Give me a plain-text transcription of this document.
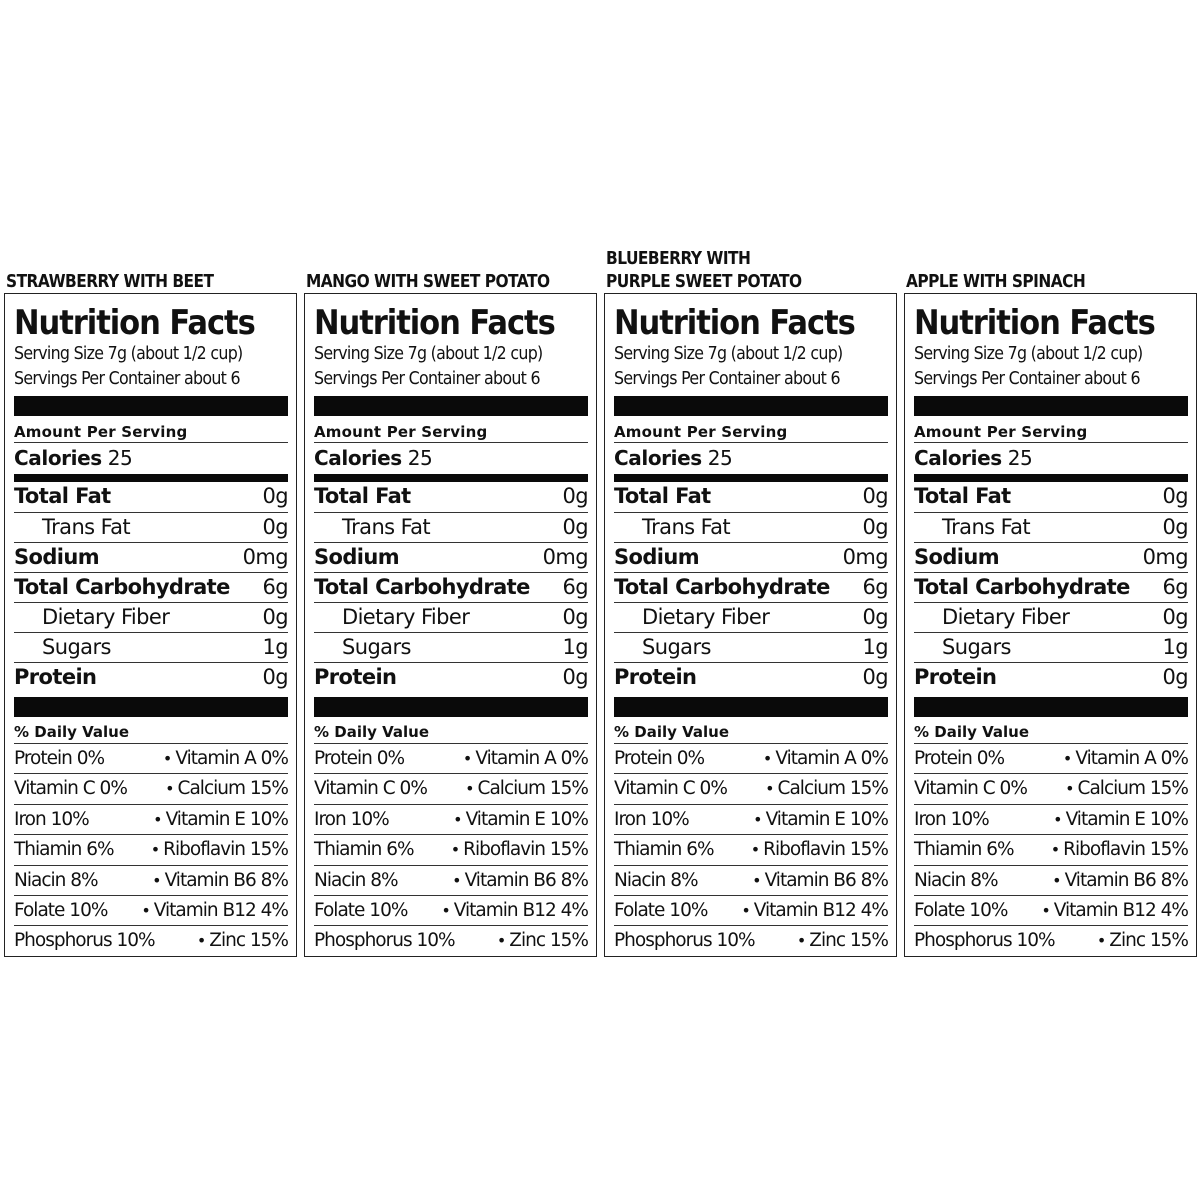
STRAWBERRY WITH BEET
Nutrition Facts
Serving Size 7g (about 1/2 cup)
Servings Per Container about 6
Amount Per Serving
Calories 25
Total Fat	0g
Trans Fat	0g
Sodium	0mg
Total Carbohydrate 6g
Dietary Fiber	0g
Sugars	1g
Protein	0g
% Daily Value
Protein 0%	• Vitamin A 0%
Vitamin C 0%	• Calcium 15%
Iron 10%	• Vitamin E 10%
Thiamin 6%	• Riboflavin 15%
Niacin 8%	• Vitamin B6 8%
Folate 10%	• Vitamin B12 4%
Phosphorus 10%	• Zinc 15%
MANGO WITH SWEET POTATO
Nutrition Facts
Serving Size 7g (about 1/2 cup)
Servings Per Container about 6
Amount Per Serving
Calories 25
Total Fat	0g
Trans Fat	0g
Sodium	0mg
Total Carbohydrate 6g
Dietary Fiber	0g
Sugars	1g
Protein	0g
% Daily Value
Protein 0%	• Vitamin A 0%
Vitamin C 0%	• Calcium 15%
Iron 10%	• Vitamin E 10%
Thiamin 6%	• Riboflavin 15%
Niacin 8%	• Vitamin B6 8%
Folate 10%	• Vitamin B12 4%
Phosphorus 10%	• Zinc 15%
BLUEBERRY WITH
PURPLE SWEET POTATO
Nutrition Facts
Serving Size 7g (about 1/2 cup)
Servings Per Container about 6
Amount Per Serving
Calories 25
Total Fat	0g
Trans Fat	0g
Sodium	0mg
Total Carbohydrate 6g
Dietary Fiber	0g
Sugars	1g
Protein	0g
% Daily Value
Protein 0%	• Vitamin A 0%
Vitamin C 0%	• Calcium 15%
Iron 10%	• Vitamin E 10%
Thiamin 6%	• Riboflavin 15%
Niacin 8%	• Vitamin B6 8%
Folate 10%	• Vitamin B12 4%
Phosphorus 10%	• Zinc 15%
APPLE WITH SPINACH
Nutrition Facts
Serving Size 7g (about 1/2 cup)
Servings Per Container about 6
Amount Per Serving
Calories 25
Total Fat	0g
Trans Fat	0g
Sodium	0mg
Total Carbohydrate 6g
Dietary Fiber	0g
Sugars	1g
Protein	0g
% Daily Value
Protein 0%	• Vitamin A 0%
Vitamin C 0%	• Calcium 15%
Iron 10%	• Vitamin E 10%
Thiamin 6%	• Riboflavin 15%
Niacin 8%	• Vitamin B6 8%
Folate 10%	• Vitamin B12 4%
Phosphorus 10%	• Zinc 15%
